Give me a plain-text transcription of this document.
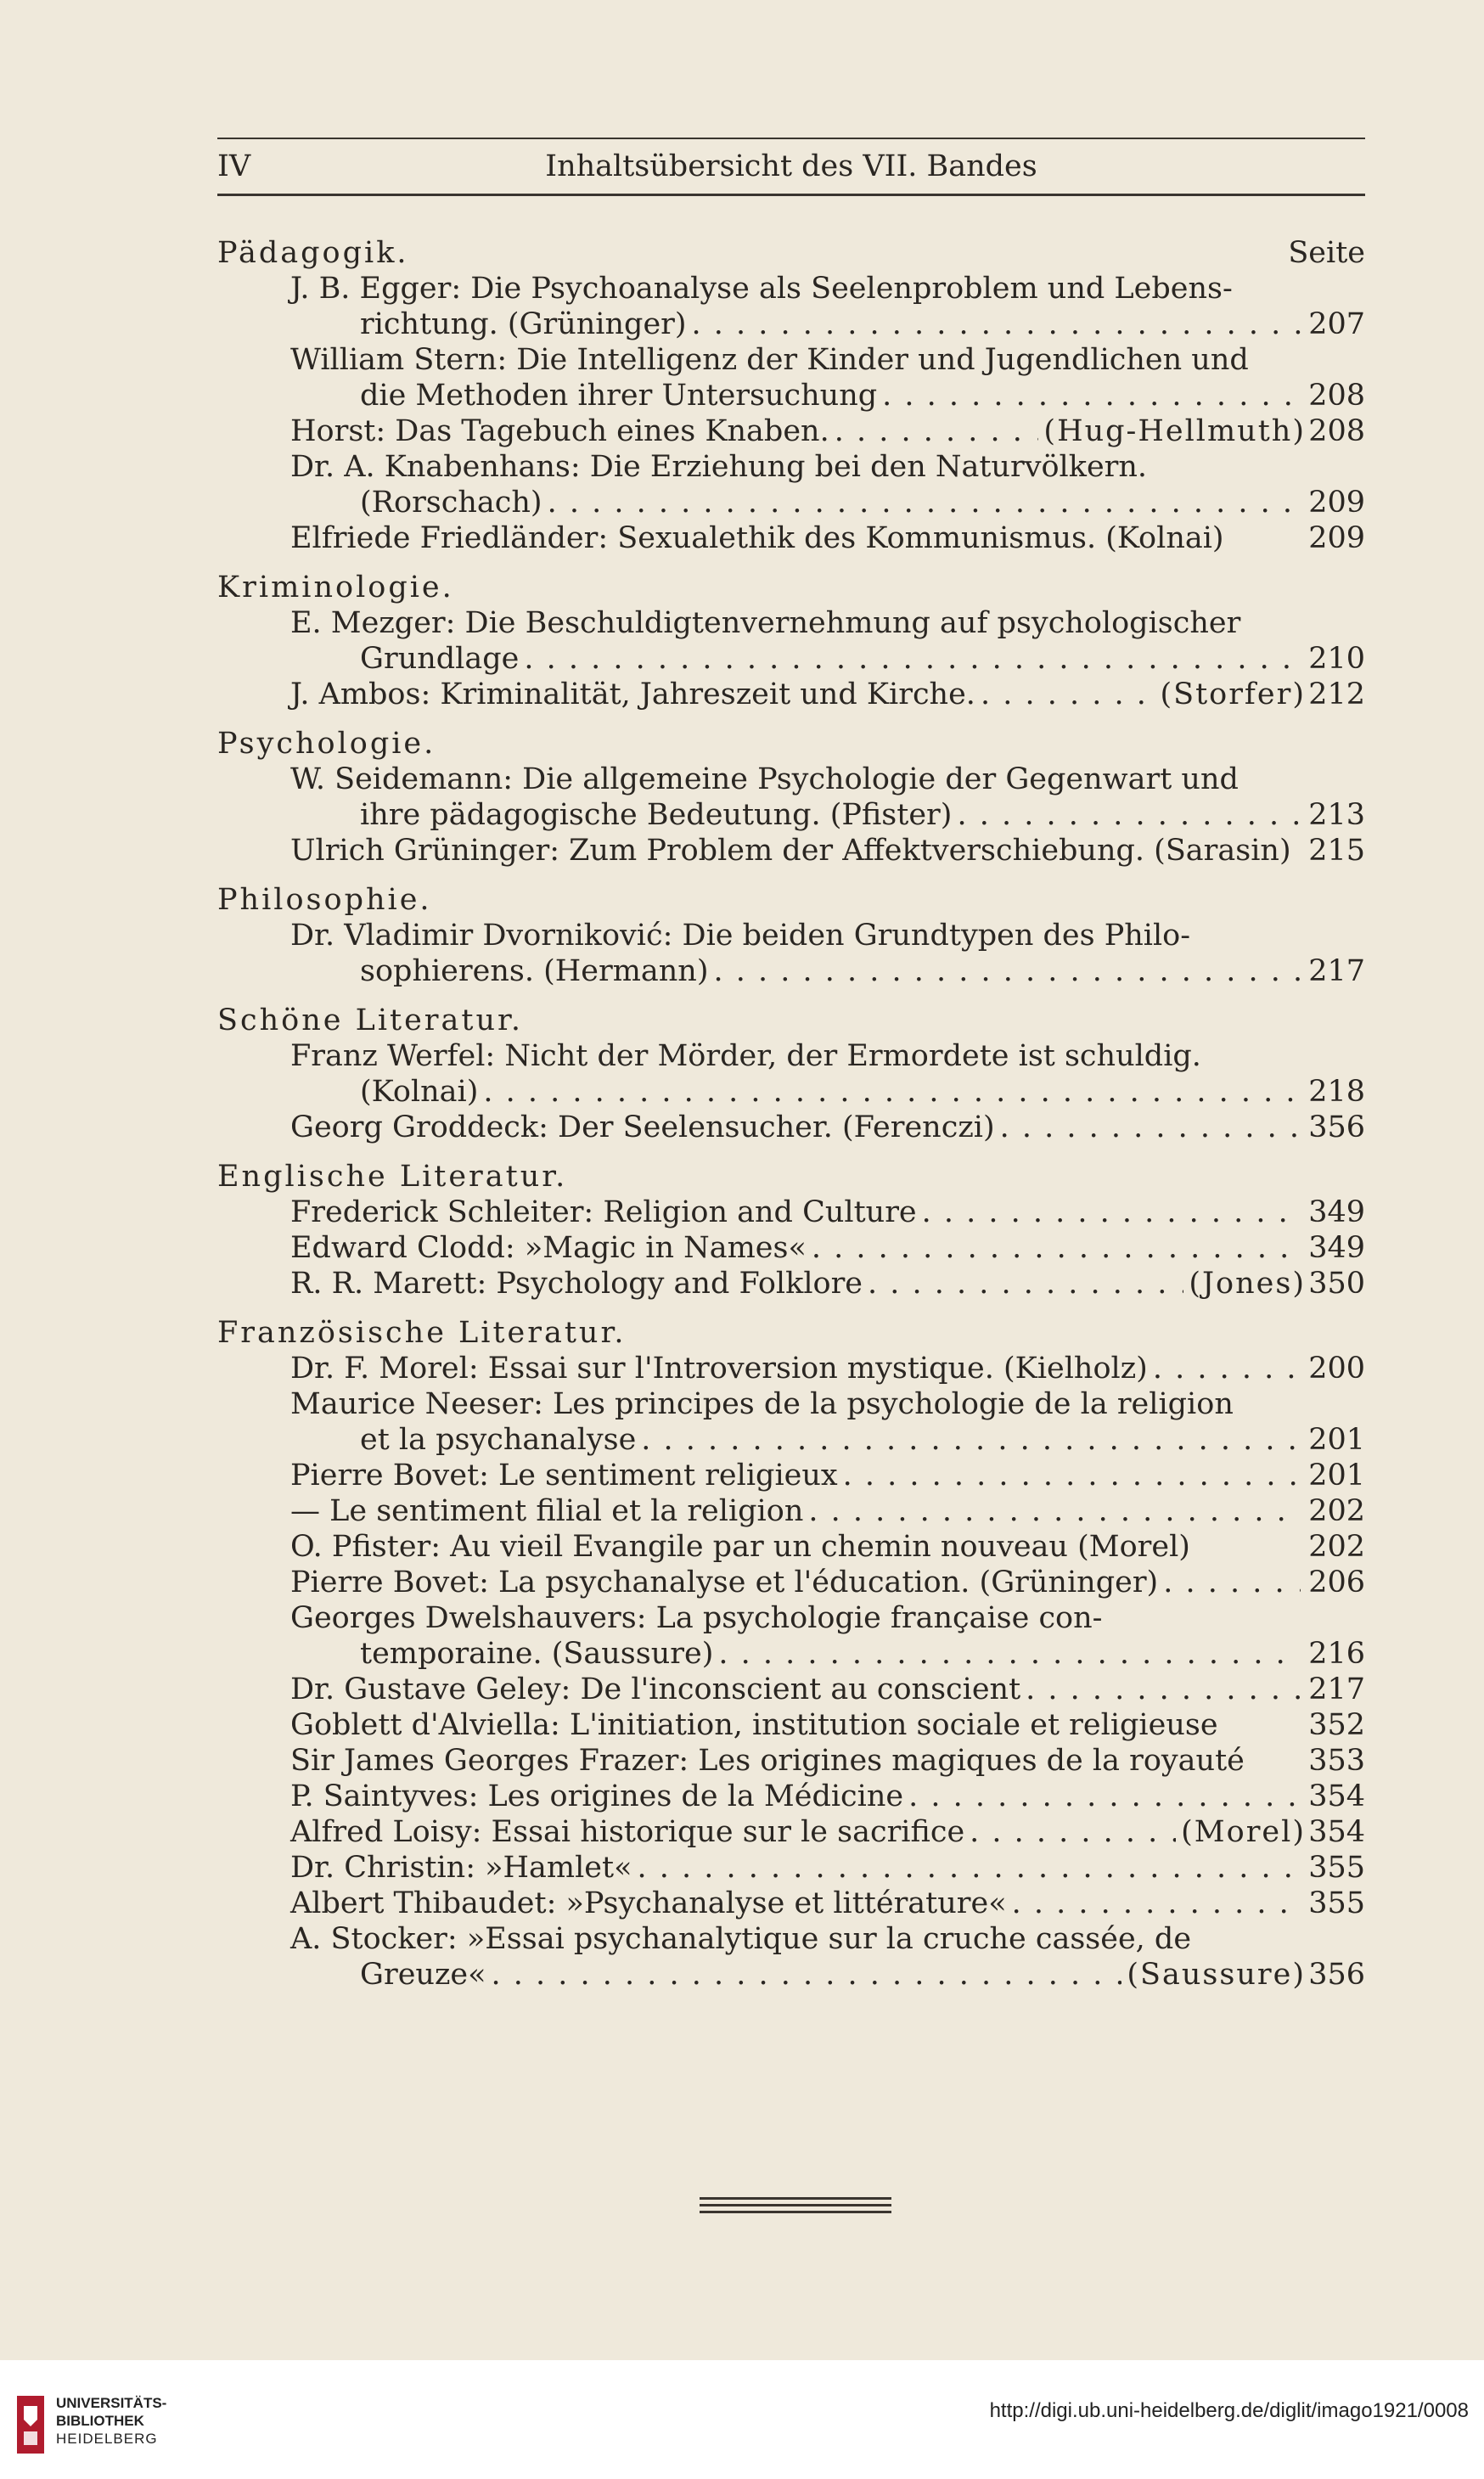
IV	Inhaltsübersicht des VII. Bandes
Pädagogik.	Seite
J. B. Egger: Die Psychoanalyse als Seelenproblem und Lebens-
richtung. (Grüninger) . . .	207
William Stern: Die Intelligenz der Kinder und Jugendlichen und
die Methoden ihrer Untersuchung . . .	208
Horst: Das Tagebuch eines Knaben. . . .	(Hug-Hellmuth) 208
Dr. A. Knabenhans: Die Erziehung bei den Naturvölkern.
(Rorschach) . . .	209
Elfriede Friedländer: Sexualethik des Kommunismus. (Kolnai)	209
Kriminologie.
E. Mezger: Die Beschuldigtenvernehmung auf psychologischer
Grundlage . . .	210
J. Ambos: Kriminalität, Jahreszeit und Kirche. . . .	(Storfer) 212
Psychologie.
W. Seidemann: Die allgemeine Psychologie der Gegenwart und
ihre pädagogische Bedeutung. (Pfister) . . .	213
Ulrich Grüninger: Zum Problem der Affektverschiebung. (Sarasin) 215
Philosophie.
Dr. Vladimir Dvorniković: Die beiden Grundtypen des Philo-
sophierens. (Hermann) . . .	217
Schöne Literatur.
Franz Werfel: Nicht der Mörder, der Ermordete ist schuldig.
(Kolnai) . . .	218
Georg Groddeck: Der Seelensucher. (Ferenczi) . . .	356
Englische Literatur.
Frederick Schleiter: Religion and Culture . . .	349
Edward Clodd: »Magic in Names« . . .	349
R. R. Marett: Psychology and Folklore . . .	(Jones) 350
Französische Literatur.
Dr. F. Morel: Essai sur l'Introversion mystique. (Kielholz) . . .	200
Maurice Neeser: Les principes de la psychologie de la religion
et la psychanalyse . . .	201
Pierre Bovet: Le sentiment religieux . . .	201
— Le sentiment filial et la religion . . .	202
O. Pfister: Au vieil Evangile par un chemin nouveau (Morel)	202
Pierre Bovet: La psychanalyse et l'éducation. (Grüninger) . . .	206
Georges Dwelshauvers: La psychologie française con-
temporaine. (Saussure) . . .	216
Dr. Gustave Geley: De l'inconscient au conscient . . .	217
Goblett d'Alviella: L'initiation, institution sociale et religieuse	352
Sir James Georges Frazer: Les origines magiques de la royauté 353
P. Saintyves: Les origines de la Médicine . . .	354
Alfred Loisy: Essai historique sur le sacrifice . . .	(Morel) 354
Dr. Christin: »Hamlet« . . .	355
Albert Thibaudet: »Psychanalyse et littérature« . . .	355
A. Stocker: »Essai psychanalytique sur la cruche cassée, de
Greuze« . . .	(Saussure) 356
UNIVERSITÄTS-
BIBLIOTHEK
HEIDELBERG
http://digi.ub.uni-heidelberg.de/diglit/imago1921/0008
